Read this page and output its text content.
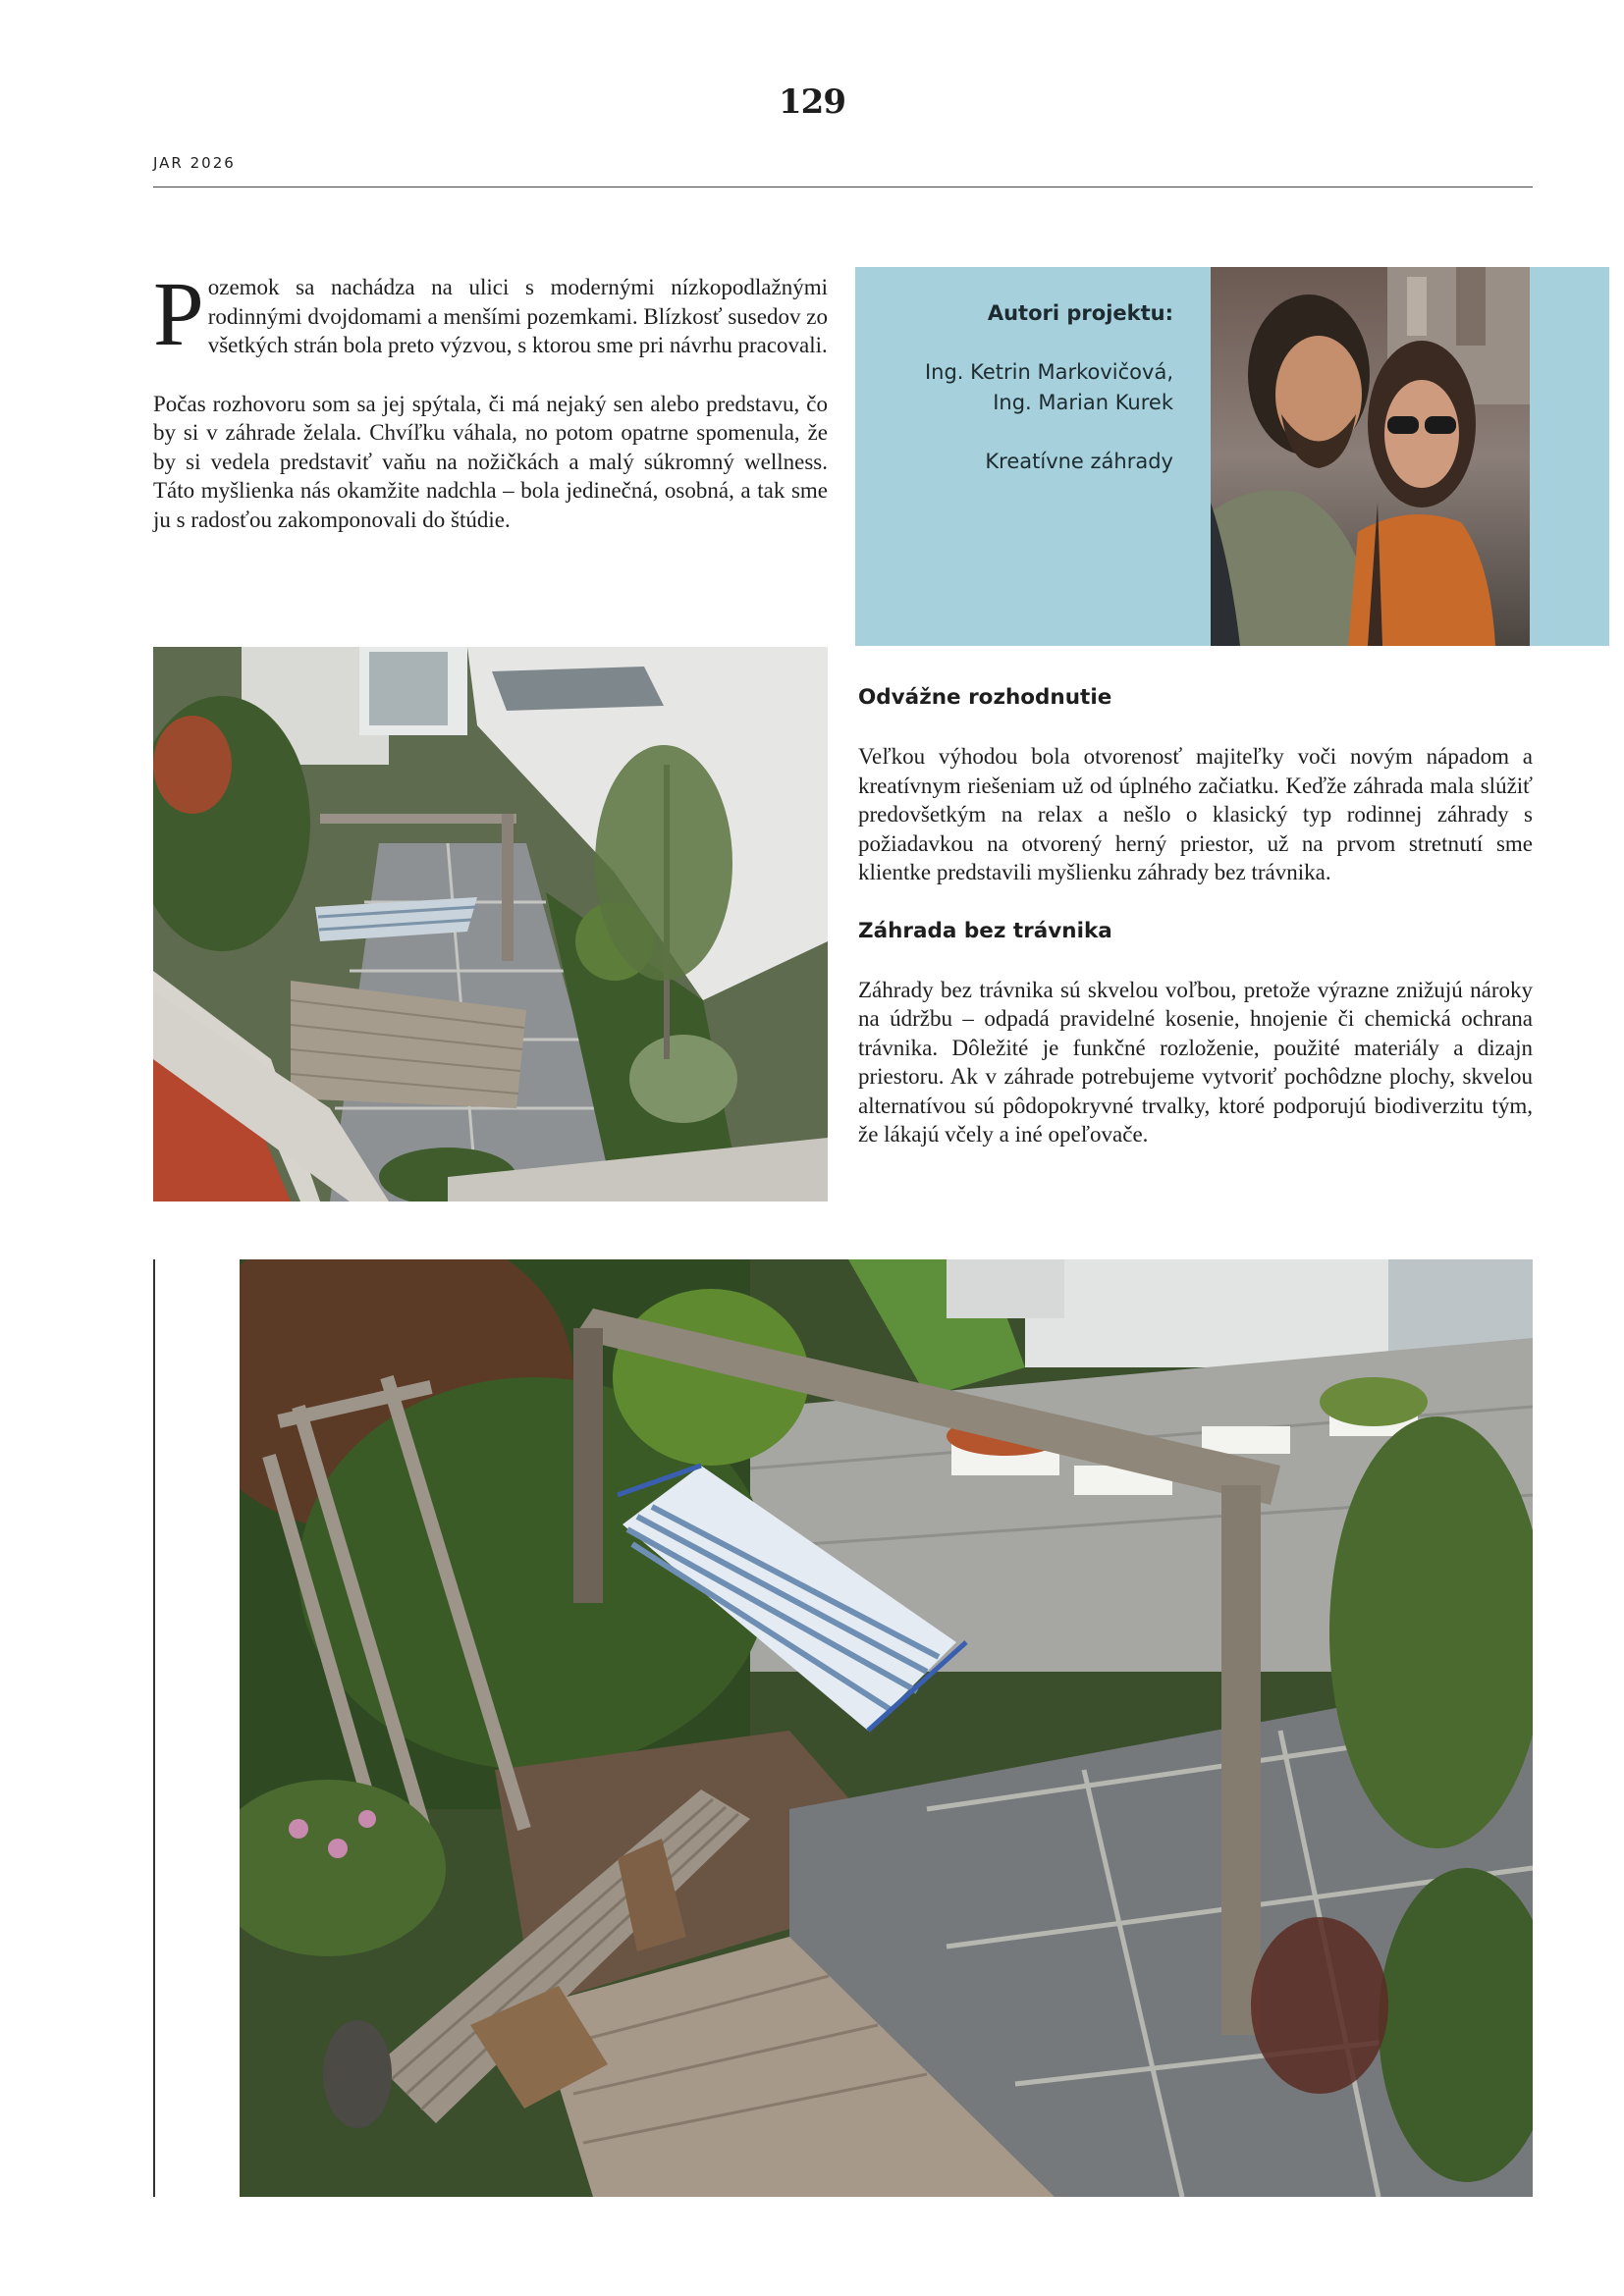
129
JAR 2026

Pozemok sa nachádza na ulici s modernými nízkopodlažnými rodinnými dvojdomami a menšími pozemkami. Blízkosť susedov zo všetkých strán bola preto výzvou, s ktorou sme pri návrhu pracovali.

Počas rozhovoru som sa jej spýtala, či má nejaký sen alebo predstavu, čo by si v záhrade želala. Chvíľku váhala, no potom opatrne spomenula, že by si vedela predstaviť vaňu na nožičkách a malý súkromný wellness. Táto myšlienka nás okamžite nadchla – bola jedinečná, osobná, a tak sme ju s radosťou zakomponovali do štúdie.

Autori projektu:
Ing. Ketrin Markovičová,
Ing. Marian Kurek
Kreatívne záhrady
Odvážne rozhodnutie

Veľkou výhodou bola otvorenosť majiteľky voči novým nápadom a kreatívnym riešeniam už od úplného začiatku. Keďže záhrada mala slúžiť predovšetkým na relax a nešlo o klasický typ rodinnej záhrady s požiadavkou na otvorený herný priestor, už na prvom stretnutí sme klientke predstavili myšlienku záhrady bez trávnika.

Záhrada bez trávnika

Záhrady bez trávnika sú skvelou voľbou, pretože výrazne znižujú nároky na údržbu – odpadá pravidelné kosenie, hnojenie či chemická ochrana trávnika. Dôležité je funkčné rozloženie, použité materiály a dizajn priestoru. Ak v záhrade potrebujeme vytvoriť pochôdzne plochy, skvelou alternatívou sú pôdopokryvné trvalky, ktoré podporujú biodiverzitu tým, že lákajú včely a iné opeľovače.
